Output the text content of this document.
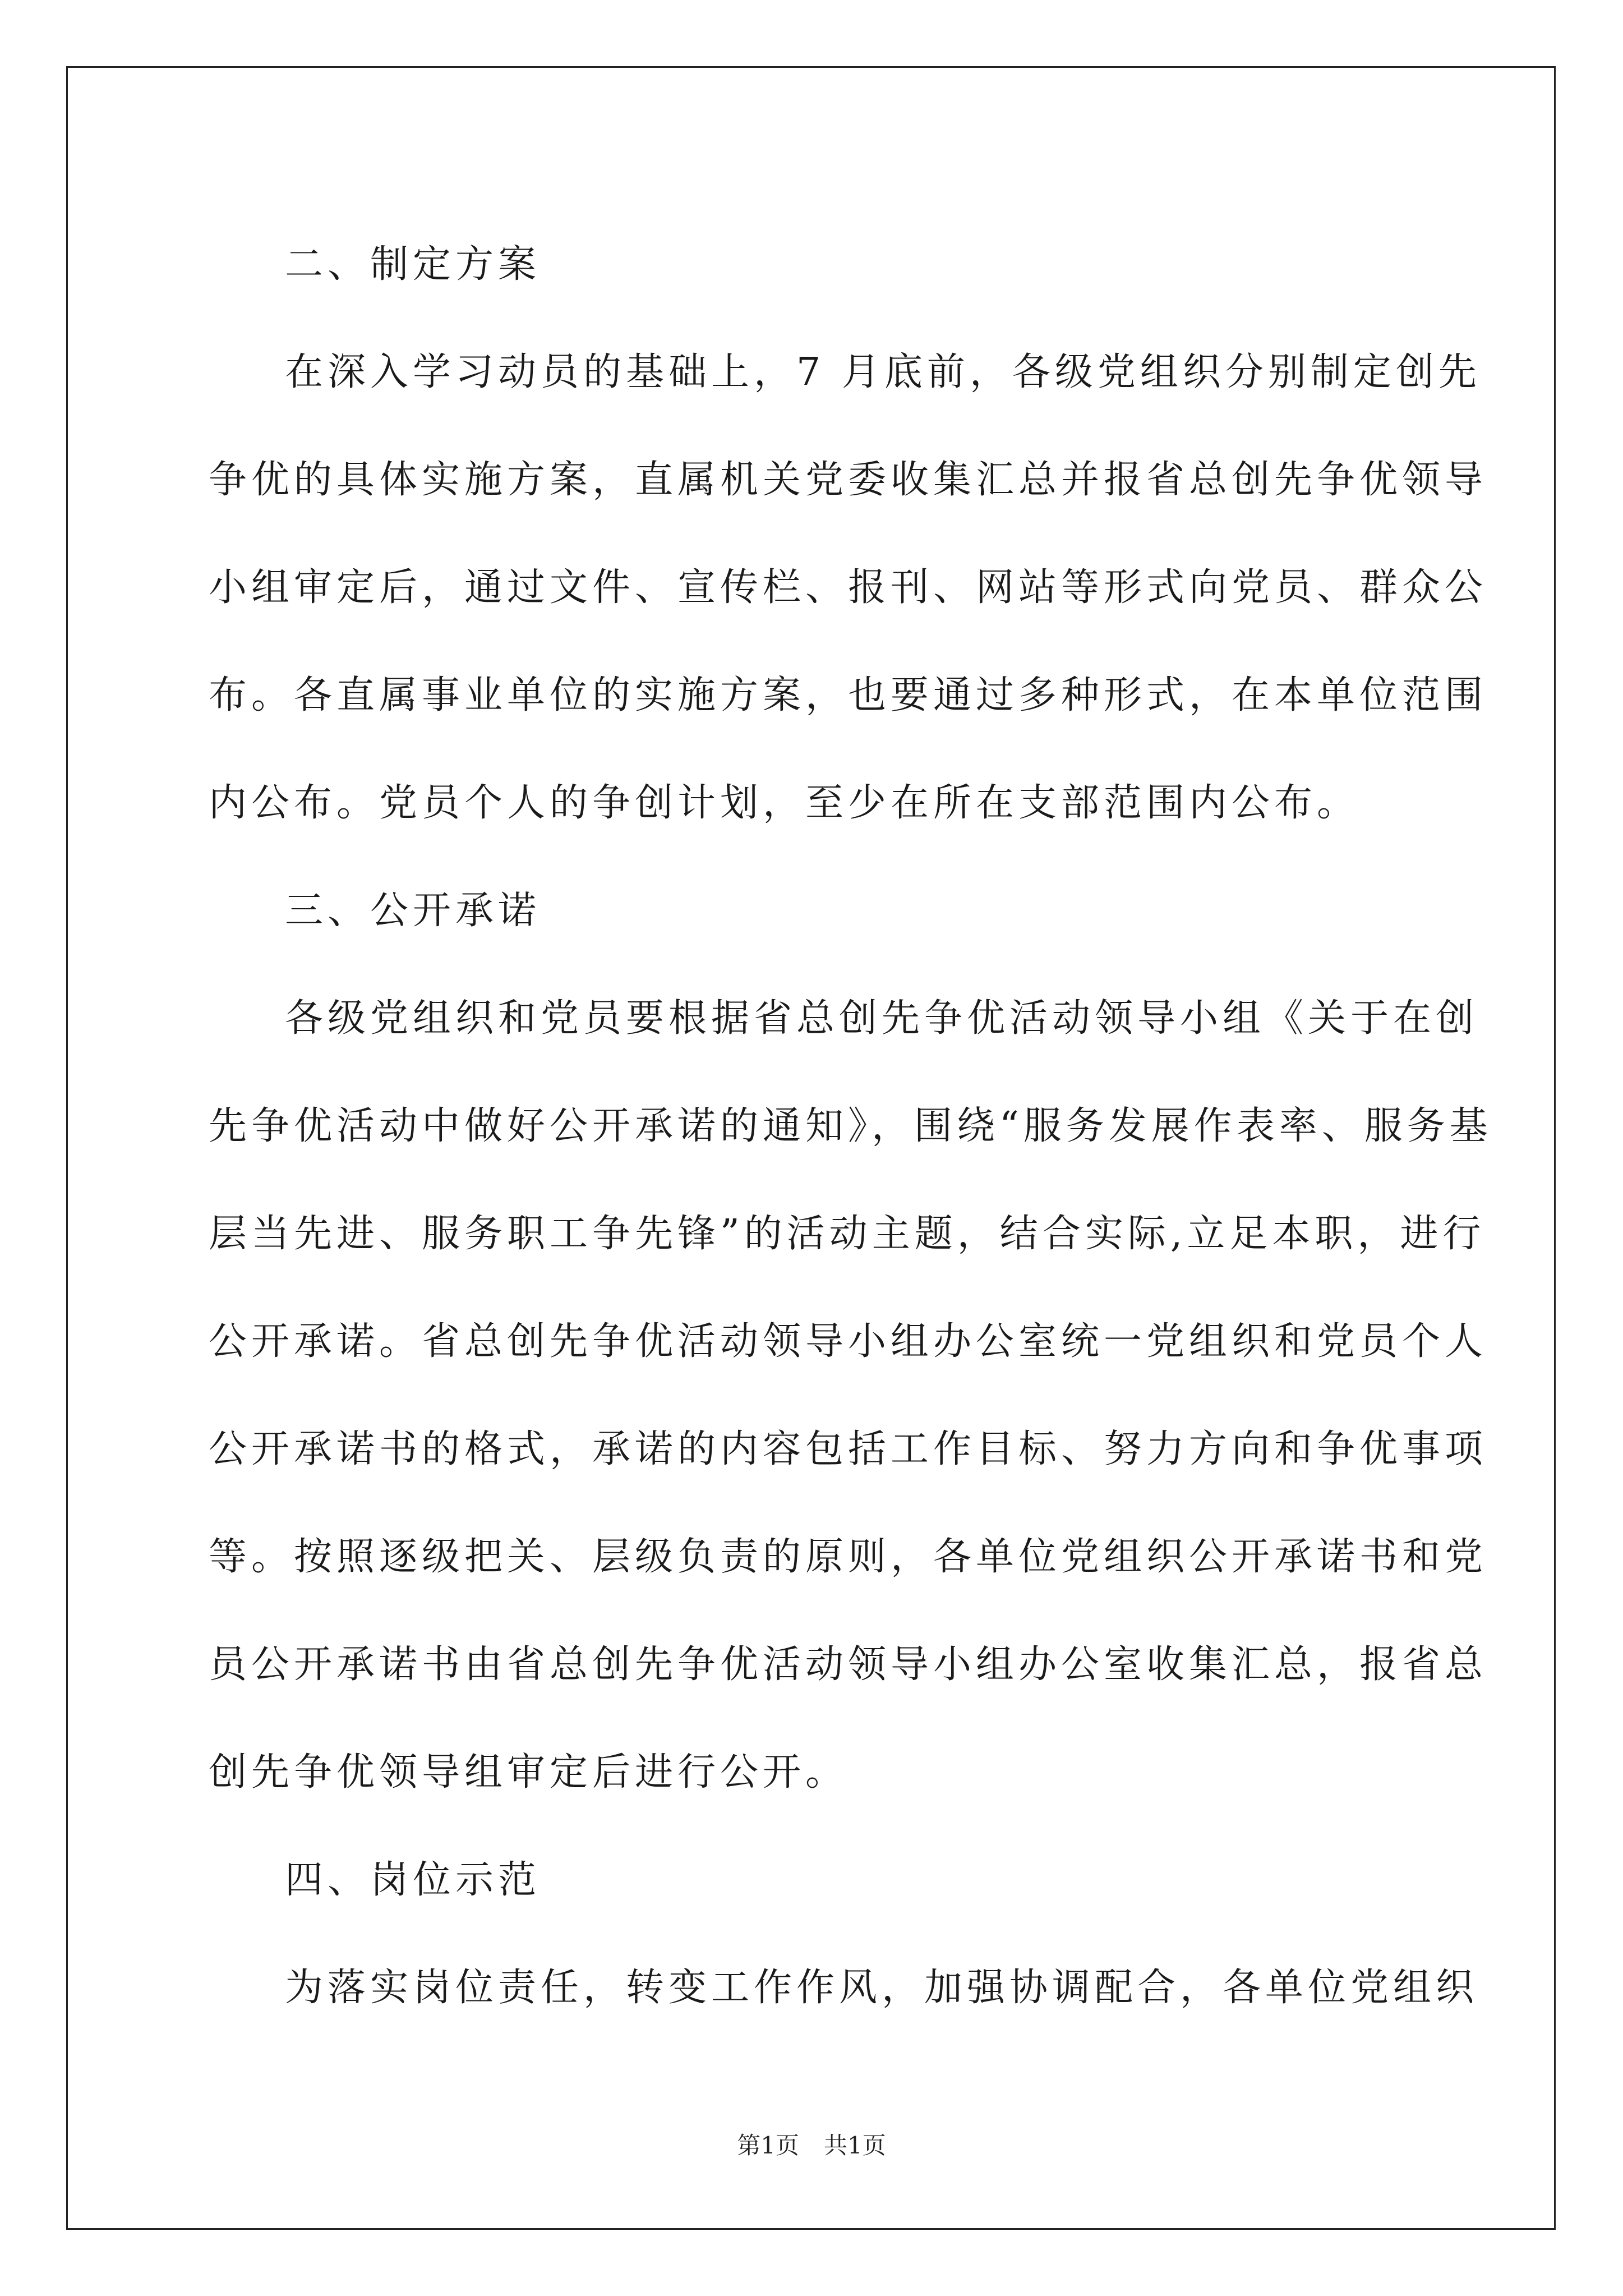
二、制定方案
在深入学习动员的基础上，7 月底前，各级党组织分别制定创先
争优的具体实施方案，直属机关党委收集汇总并报省总创先争优领导
小组审定后，通过文件、宣传栏、报刊、网站等形式向党员、群众公
布。各直属事业单位的实施方案，也要通过多种形式，在本单位范围
内公布。党员个人的争创计划，至少在所在支部范围内公布。
三、公开承诺
各级党组织和党员要根据省总创先争优活动领导小组《关于在创
先争优活动中做好公开承诺的通知》，围绕“服务发展作表率、服务基
层当先进、服务职工争先锋”的活动主题，结合实际,立足本职，进行
公开承诺。省总创先争优活动领导小组办公室统一党组织和党员个人
公开承诺书的格式，承诺的内容包括工作目标、努力方向和争优事项
等。按照逐级把关、层级负责的原则，各单位党组织公开承诺书和党
员公开承诺书由省总创先争优活动领导小组办公室收集汇总，报省总
创先争优领导组审定后进行公开。
四、岗位示范
为落实岗位责任，转变工作作风，加强协调配合，各单位党组织
第1页 共1页
